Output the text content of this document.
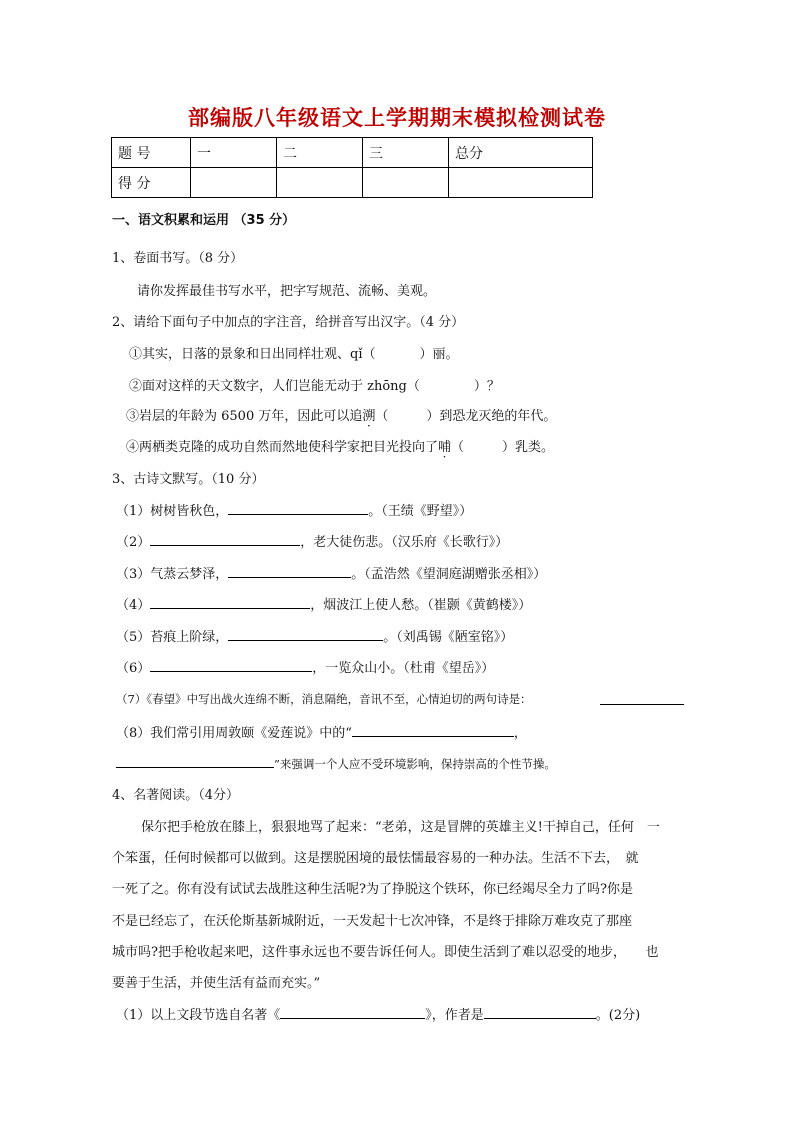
部编版八年级语文上学期期末模拟检测试卷
题 号	一	二	三	总分
得 分				
一、语文积累和运用 （35 分）
1、卷面书写。（8 分）
请你发挥最佳书写水平，把字写规范、流畅、美观。
2、请给下面句子中加点的字注音，给拼音写出汉字。（4 分）
①其实，日落的景象和日出同样壮观、qǐ（	）丽。
②面对这样的天文数字，人们岂能无动于 zhōng（	）？
③岩层的年龄为 6500 万年，因此可以追溯（	）到恐龙灭绝的年代。
④两栖类克隆的成功自然而然地使科学家把目光投向了哺（	）乳类。
3、古诗文默写。（10 分）
（1）树树皆秋色，	。（王绩《野望》）
（2）	，老大徒伤悲。（汉乐府《长歌行》）
（3）气蒸云梦泽，	。（孟浩然《望洞庭湖赠张丞相》）
（4）	，烟波江上使人愁。（崔颢《黄鹤楼》）
（5）苔痕上阶绿，	。（刘禹锡《陋室铭》）
（6）	，一览众山小。（杜甫《望岳》）
（7）《春望》中写出战火连绵不断，消息隔绝，音讯不至，心情迫切的两句诗是：
（8）我们常引用周敦颐《爱莲说》中的“	，
”来强调一个人应不受环境影响，保持崇高的个性节操。
4、名著阅读。（4分）
保尔把手枪放在膝上，狠狠地骂了起来：“老弟，这是冒牌的英雄主义!干掉自己，任何　一
个笨蛋，任何时候都可以做到。这是摆脱困境的最怯懦最容易的一种办法。生活不下去，　就
一死了之。你有没有试试去战胜这种生活呢?为了挣脱这个铁环，你已经竭尽全力了吗?你是
不是已经忘了，在沃伦斯基新城附近，一天发起十七次冲锋，不是终于排除万难攻克了那座
城市吗?把手枪收起来吧，这件事永远也不要告诉任何人。即使生活到了难以忍受的地步，　　也
要善于生活，并使生活有益而充实。”
（1）以上文段节选自名著《	》，作者是	。(2分)
